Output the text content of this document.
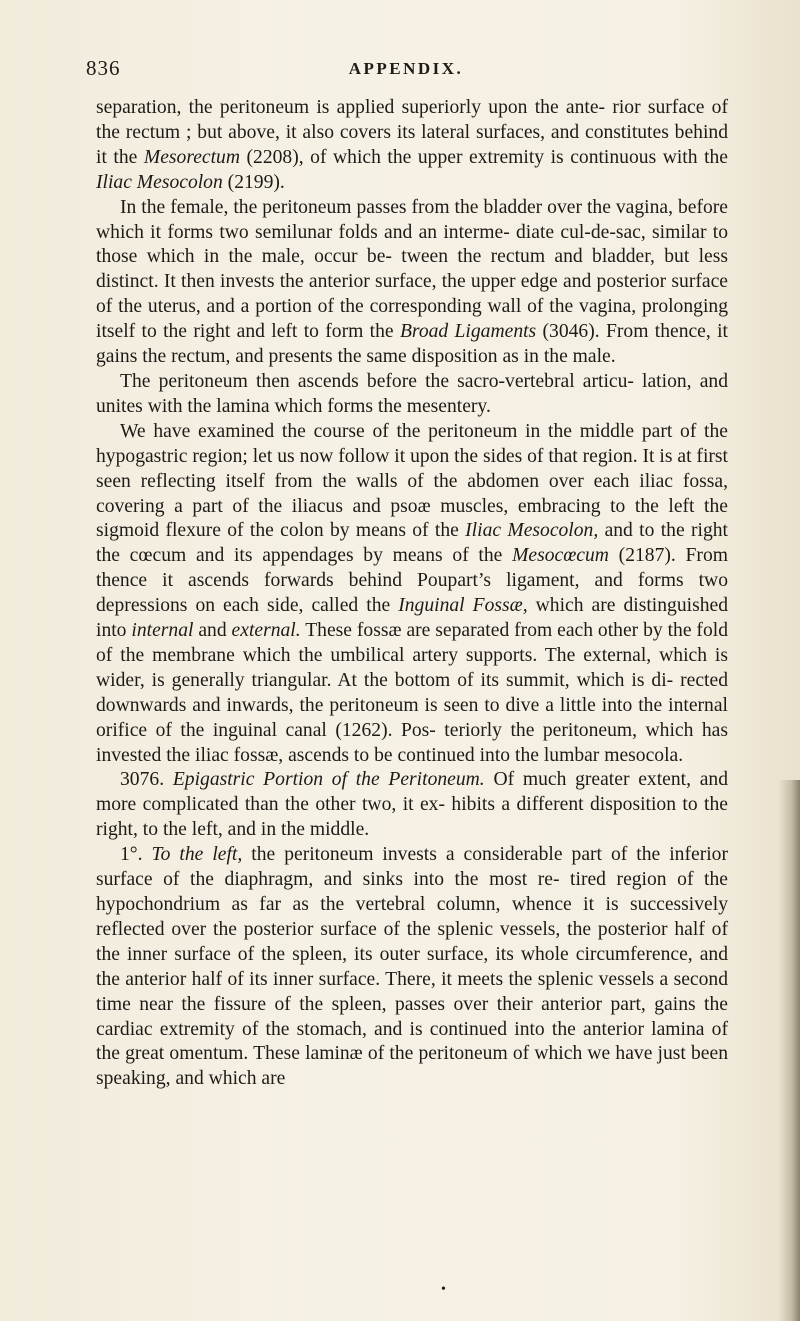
836	APPENDIX.

separation, the peritoneum is applied superiorly upon the ante- rior surface of the rectum ; but above, it also covers its lateral surfaces, and constitutes behind it the Mesorectum (2208), of which the upper extremity is continuous with the Iliac Mesocolon (2199).

In the female, the peritoneum passes from the bladder over the vagina, before which it forms two semilunar folds and an interme- diate cul-de-sac, similar to those which in the male, occur be- tween the rectum and bladder, but less distinct. It then invests the anterior surface, the upper edge and posterior surface of the uterus, and a portion of the corresponding wall of the vagina, prolonging itself to the right and left to form the Broad Ligaments (3046). From thence, it gains the rectum, and presents the same disposition as in the male.

The peritoneum then ascends before the sacro-vertebral articu- lation, and unites with the lamina which forms the mesentery.

We have examined the course of the peritoneum in the middle part of the hypogastric region; let us now follow it upon the sides of that region. It is at first seen reflecting itself from the walls of the abdomen over each iliac fossa, covering a part of the iliacus and psoæ muscles, embracing to the left the sigmoid flexure of the colon by means of the Iliac Mesocolon, and to the right the cœcum and its appendages by means of the Mesocœcum (2187). From thence it ascends forwards behind Poupart’s ligament, and forms two depressions on each side, called the Inguinal Fossæ, which are distinguished into internal and external. These fossæ are separated from each other by the fold of the membrane which the umbilical artery supports. The external, which is wider, is generally triangular. At the bottom of its summit, which is di- rected downwards and inwards, the peritoneum is seen to dive a little into the internal orifice of the inguinal canal (1262). Pos- teriorly the peritoneum, which has invested the iliac fossæ, ascends to be continued into the lumbar mesocola.

3076. Epigastric Portion of the Peritoneum. Of much greater extent, and more complicated than the other two, it ex- hibits a different disposition to the right, to the left, and in the middle.

1°. To the left, the peritoneum invests a considerable part of the inferior surface of the diaphragm, and sinks into the most re- tired region of the hypochondrium as far as the vertebral column, whence it is successively reflected over the posterior surface of the splenic vessels, the posterior half of the inner surface of the spleen, its outer surface, its whole circumference, and the anterior half of its inner surface. There, it meets the splenic vessels a second time near the fissure of the spleen, passes over their anterior part, gains the cardiac extremity of the stomach, and is continued into the anterior lamina of the great omentum. These laminæ of the peritoneum of which we have just been speaking, and which are

•
